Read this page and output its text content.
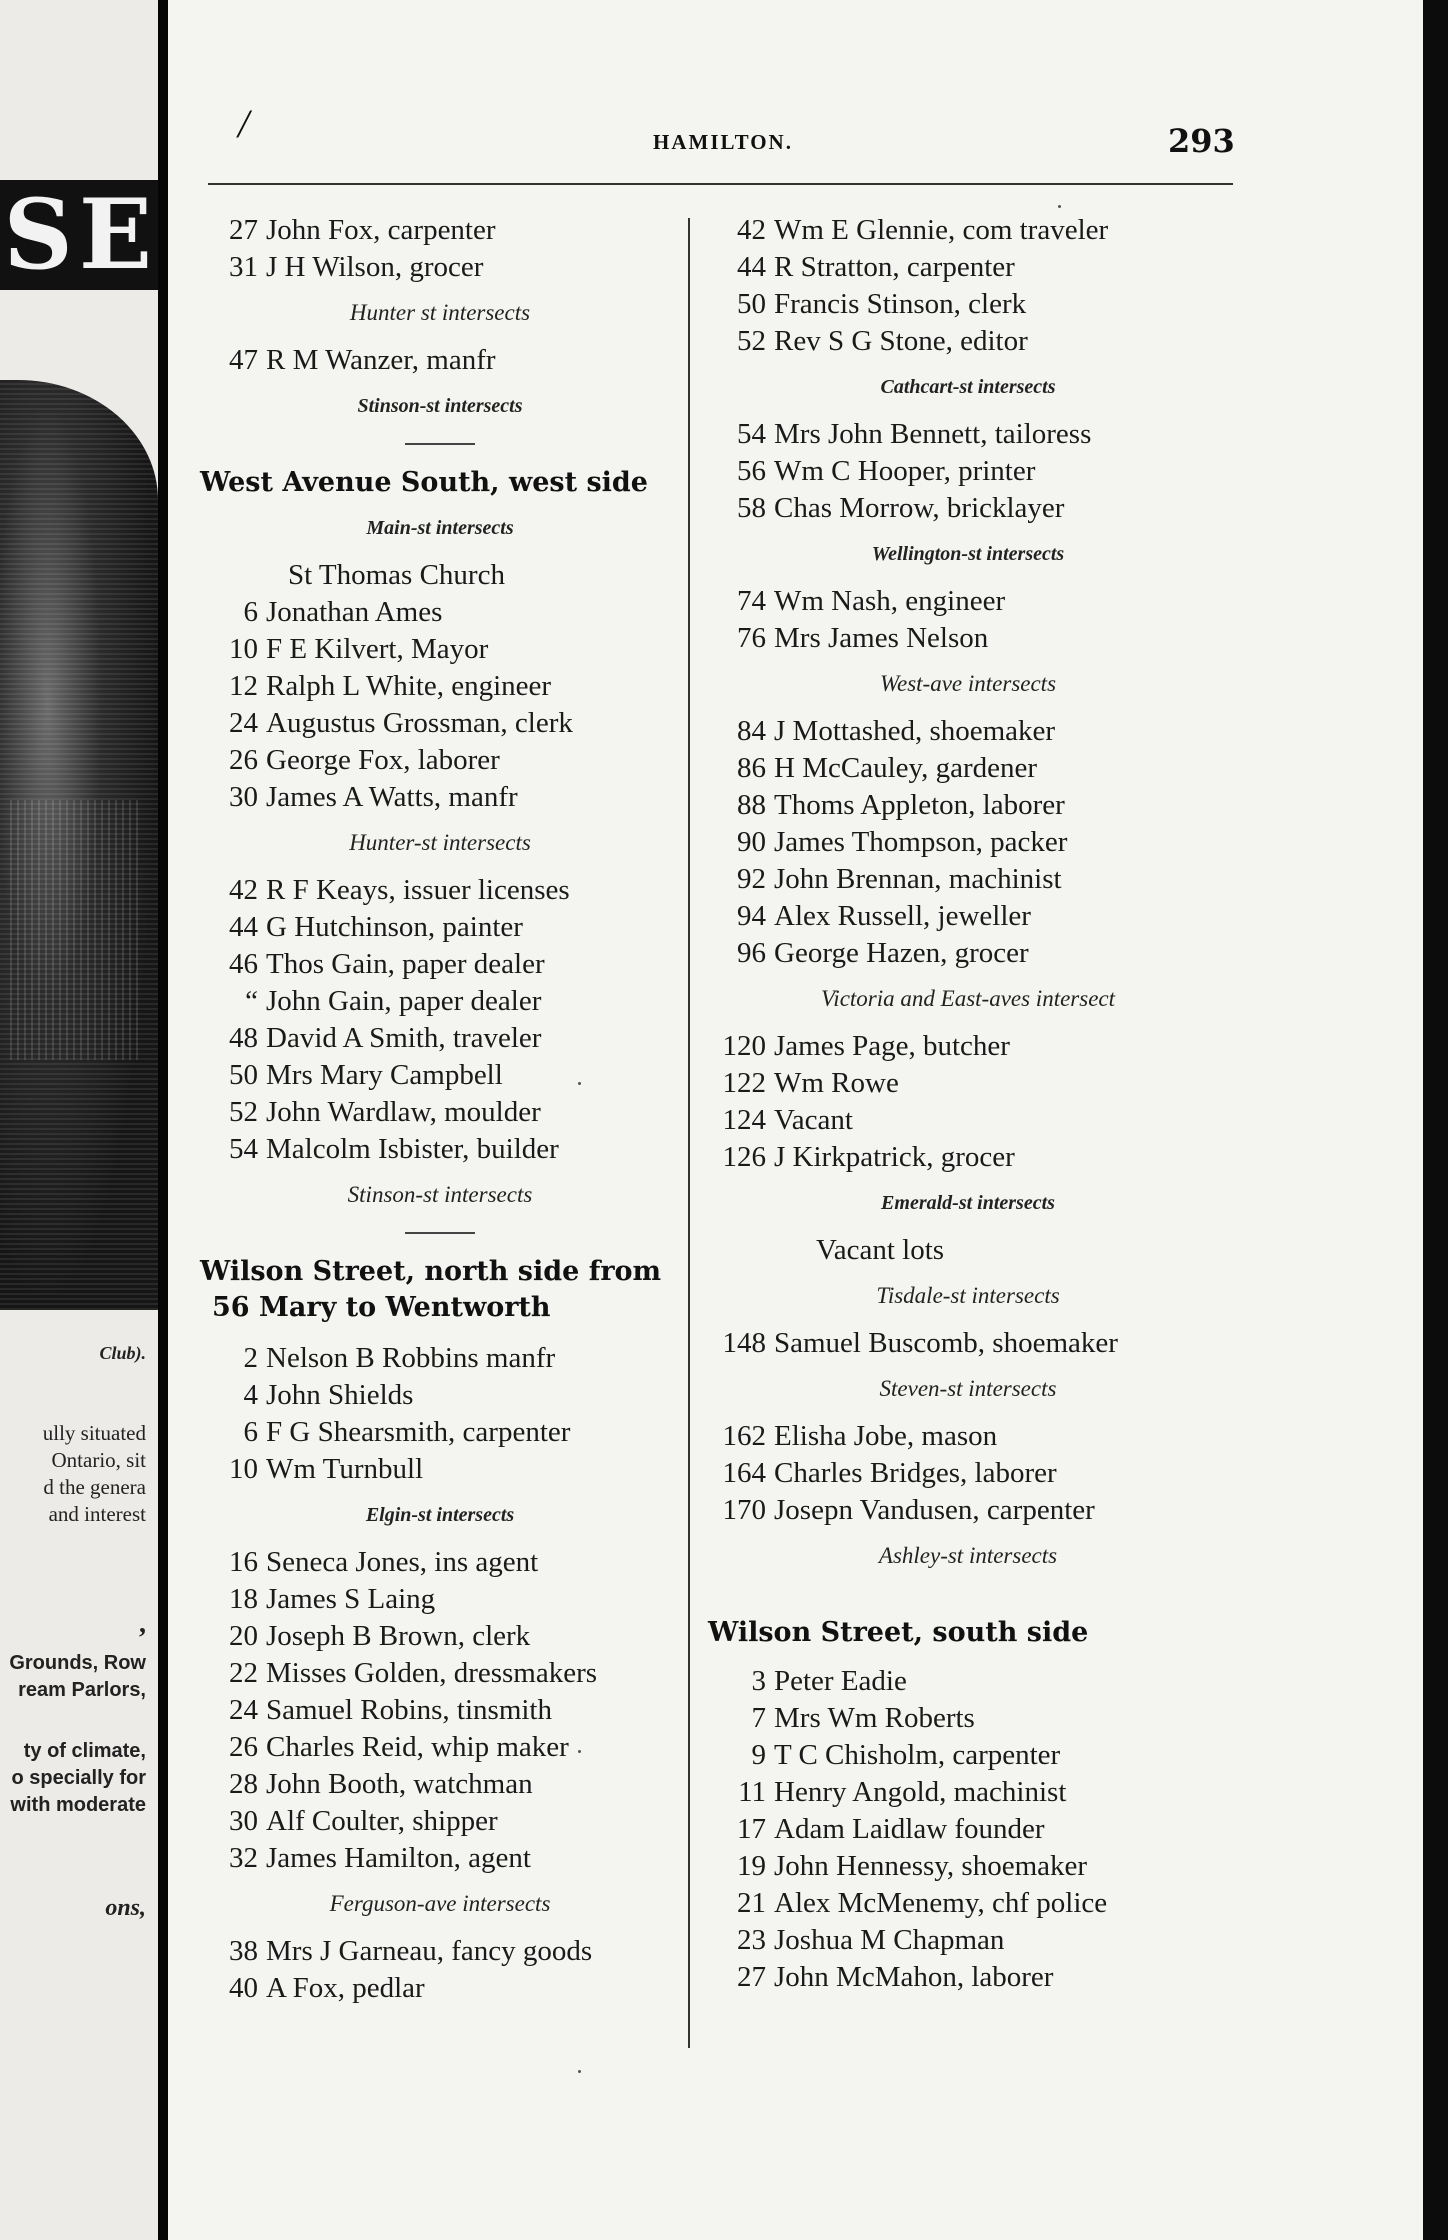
SE
Club).
ully situated
Ontario, sit
d the genera
and interest
,
Grounds, Row
ream Parlors,
ty of climate,
o specially for
with moderate
ons,
/	HAMILTON.	293
27 John Fox, carpenter
31 J H Wilson, grocer
Hunter st intersects
47 R M Wanzer, manfr
Stinson-st intersects
West Avenue South, west side
Main-st intersects
St Thomas Church
6 Jonathan Ames
10 F E Kilvert, Mayor
12 Ralph L White, engineer
24 Augustus Grossman, clerk
26 George Fox, laborer
30 James A Watts, manfr
Hunter-st intersects
42 R F Keays, issuer licenses
44 G Hutchinson, painter
46 Thos Gain, paper dealer
“ John Gain, paper dealer
48 David A Smith, traveler
50 Mrs Mary Campbell
52 John Wardlaw, moulder
54 Malcolm Isbister, builder
Stinson-st intersects
Wilson Street, north side from
56 Mary to Wentworth
2 Nelson B Robbins manfr
4 John Shields
6 F G Shearsmith, carpenter
10 Wm Turnbull
Elgin-st intersects
16 Seneca Jones, ins agent
18 James S Laing
20 Joseph B Brown, clerk
22 Misses Golden, dressmakers
24 Samuel Robins, tinsmith
26 Charles Reid, whip maker
28 John Booth, watchman
30 Alf Coulter, shipper
32 James Hamilton, agent
Ferguson-ave intersects
38 Mrs J Garneau, fancy goods
40 A Fox, pedlar
42 Wm E Glennie, com traveler
44 R Stratton, carpenter
50 Francis Stinson, clerk
52 Rev S G Stone, editor
Cathcart-st intersects
54 Mrs John Bennett, tailoress
56 Wm C Hooper, printer
58 Chas Morrow, bricklayer
Wellington-st intersects
74 Wm Nash, engineer
76 Mrs James Nelson
West-ave intersects
84 J Mottashed, shoemaker
86 H McCauley, gardener
88 Thoms Appleton, laborer
90 James Thompson, packer
92 John Brennan, machinist
94 Alex Russell, jeweller
96 George Hazen, grocer
Victoria and East-aves intersect
120 James Page, butcher
122 Wm Rowe
124 Vacant
126 J Kirkpatrick, grocer
Emerald-st intersects
Vacant lots
Tisdale-st intersects
148 Samuel Buscomb, shoemaker
Steven-st intersects
162 Elisha Jobe, mason
164 Charles Bridges, laborer
170 Josepn Vandusen, carpenter
Ashley-st intersects
Wilson Street, south side
3 Peter Eadie
7 Mrs Wm Roberts
9 T C Chisholm, carpenter
11 Henry Angold, machinist
17 Adam Laidlaw founder
19 John Hennessy, shoemaker
21 Alex McMenemy, chf police
23 Joshua M Chapman
27 John McMahon, laborer
